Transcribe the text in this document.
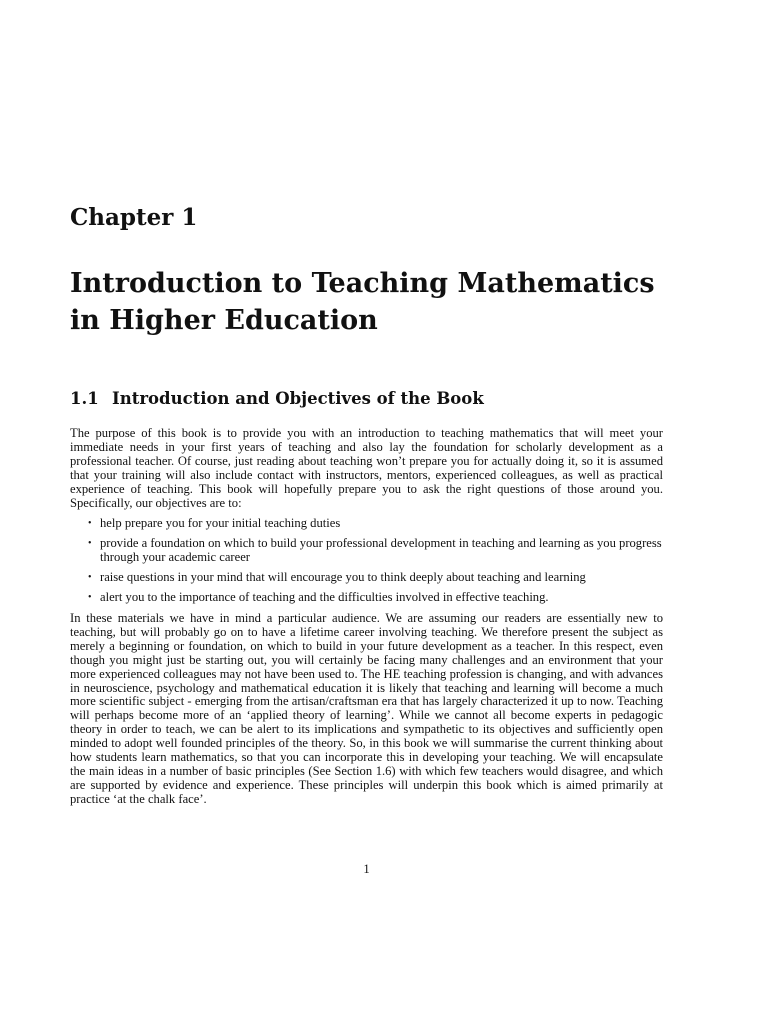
Chapter 1
Introduction to Teaching Mathematics
in Higher Education
1.1 Introduction and Objectives of the Book

The purpose of this book is to provide you with an introduction to teaching mathematics that will meet your immediate needs in your first years of teaching and also lay the foundation for scholarly development as a professional teacher. Of course, just reading about teaching won’t prepare you for actually doing it, so it is assumed that your training will also include contact with instructors, mentors, experienced colleagues, as well as practical experience of teaching. This book will hopefully prepare you to ask the right questions of those around you. Specifically, our objectives are to:

• help prepare you for your initial teaching duties
• provide a foundation on which to build your professional development in teaching and learning as you progress through your academic career
• raise questions in your mind that will encourage you to think deeply about teaching and learning
• alert you to the importance of teaching and the difficulties involved in effective teaching.

In these materials we have in mind a particular audience. We are assuming our readers are essentially new to teaching, but will probably go on to have a lifetime career involving teaching. We therefore present the subject as merely a beginning or foundation, on which to build in your future development as a teacher. In this respect, even though you might just be starting out, you will certainly be facing many challenges and an environment that your more experienced colleagues may not have been used to. The HE teaching profession is changing, and with advances in neuroscience, psychology and mathematical education it is likely that teaching and learning will become a much more scientific subject - emerging from the artisan/craftsman era that has largely characterized it up to now. Teaching will perhaps become more of an ‘applied theory of learning’. While we cannot all become experts in pedagogic theory in order to teach, we can be alert to its implications and sympathetic to its objectives and sufficiently open minded to adopt well founded principles of the theory. So, in this book we will summarise the current thinking about how students learn mathematics, so that you can incorporate this in developing your teaching. We will encapsulate the main ideas in a number of basic principles (See Section 1.6) with which few teachers would disagree, and which are supported by evidence and experience. These principles will underpin this book which is aimed primarily at practice ‘at the chalk face’.

1
